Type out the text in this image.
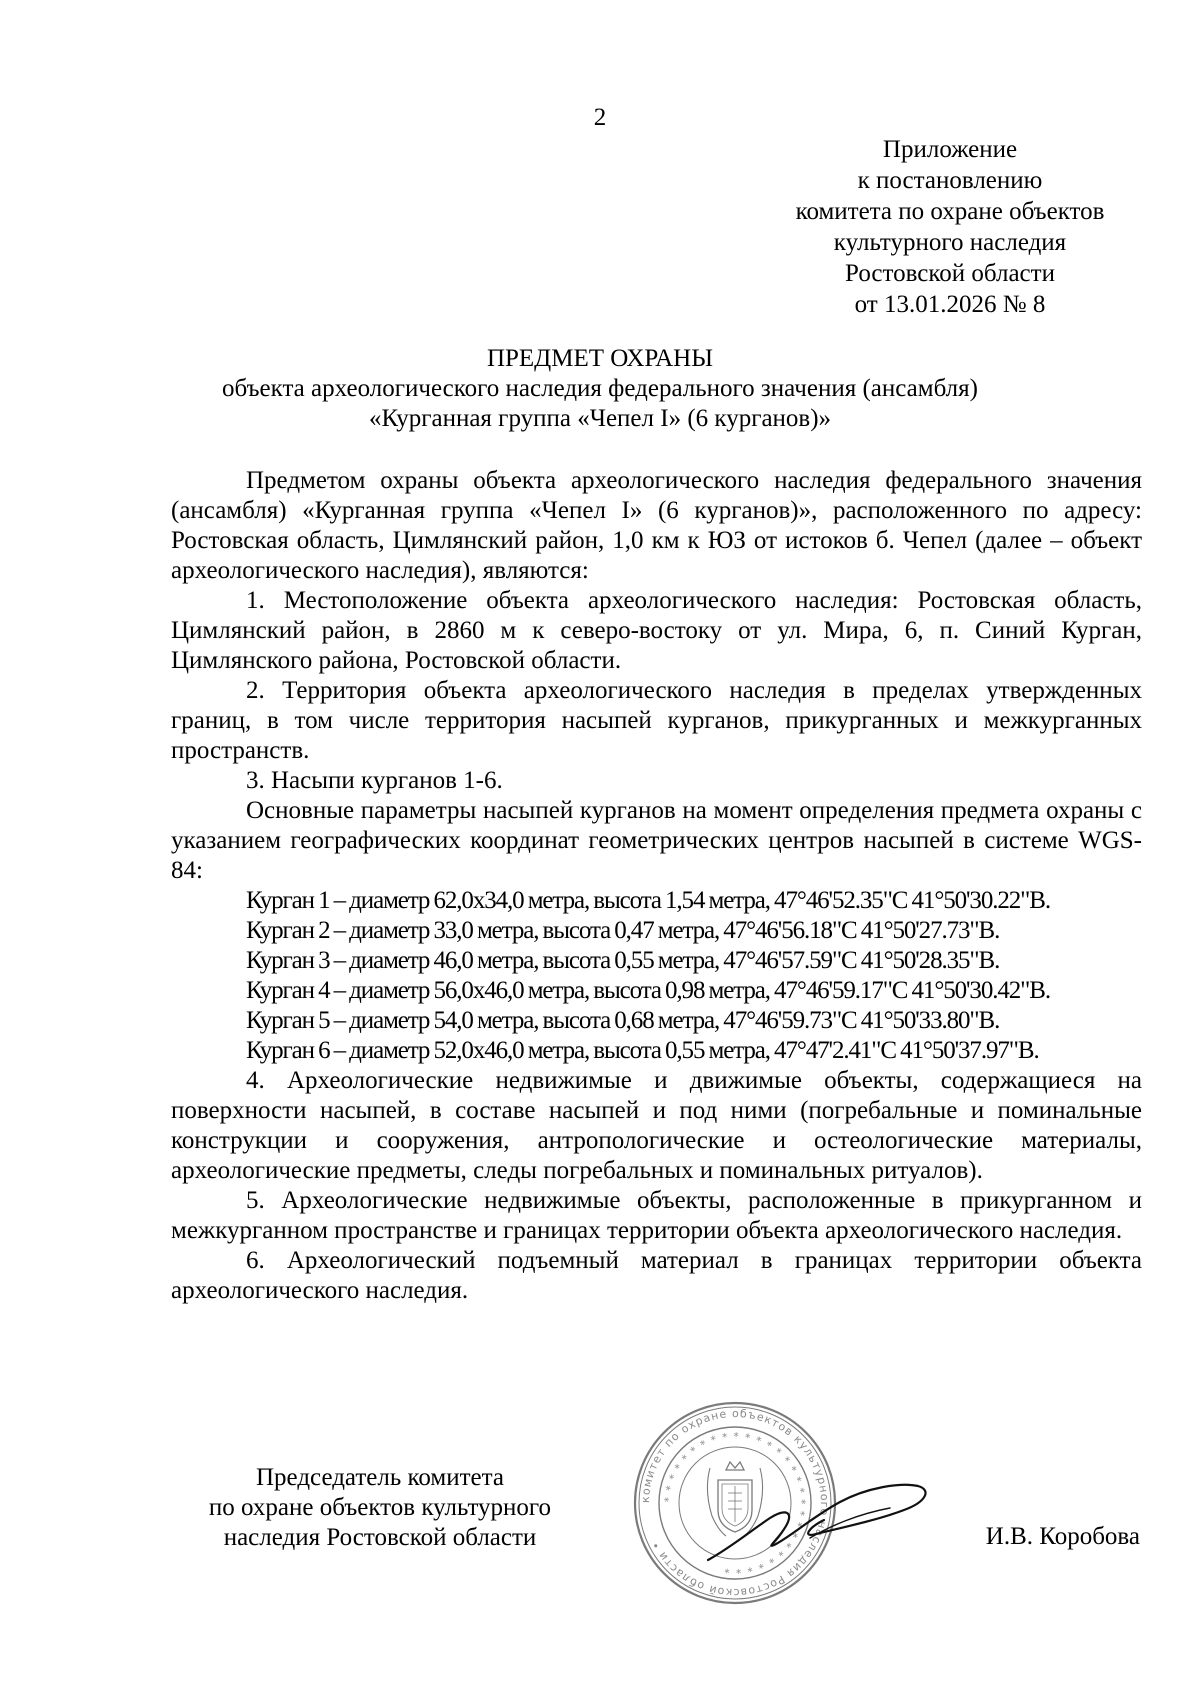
2
Приложение
к постановлению
комитета по охране объектов
культурного наследия
Ростовской области
от 13.01.2026 № 8
ПРЕДМЕТ ОХРАНЫ
объекта археологического наследия федерального значения (ансамбля)
«Курганная группа «Чепел I» (6 курганов)»

Предметом охраны объекта археологического наследия федерального значения (ансамбля) «Курганная группа «Чепел I» (6 курганов)», расположенного по адресу: Ростовская область, Цимлянский район, 1,0 км к ЮЗ от истоков б. Чепел (далее – объект археологического наследия), являются:

1. Местоположение объекта археологического наследия: Ростовская область, Цимлянский район, в 2860 м к северо-востоку от ул. Мира, 6, п. Синий Курган, Цимлянского района, Ростовской области.

2. Территория объекта археологического наследия в пределах утвержденных границ, в том числе территория насыпей курганов, прикурганных и межкурганных пространств.

3. Насыпи курганов 1-6.

Основные параметры насыпей курганов на момент определения предмета охраны с указанием географических координат геометрических центров насыпей в системе WGS-84:

Курган 1 – диаметр 62,0х34,0 метра, высота 1,54 метра, 47°46'52.35"С 41°50'30.22"В.

Курган 2 – диаметр 33,0 метра, высота 0,47 метра, 47°46'56.18"С 41°50'27.73"В.

Курган 3 – диаметр 46,0 метра, высота 0,55 метра, 47°46'57.59"С 41°50'28.35"В.

Курган 4 – диаметр 56,0х46,0 метра, высота 0,98 метра, 47°46'59.17"С 41°50'30.42"В.

Курган 5 – диаметр 54,0 метра, высота 0,68 метра, 47°46'59.73"С 41°50'33.80"В.

Курган 6 – диаметр 52,0х46,0 метра, высота 0,55 метра, 47°47'2.41"С 41°50'37.97"В.

4. Археологические недвижимые и движимые объекты, содержащиеся на поверхности насыпей, в составе насыпей и под ними (погребальные и поминальные конструкции и сооружения, антропологические и остеологические материалы, археологические предметы, следы погребальных и поминальных ритуалов).

5. Археологические недвижимые объекты, расположенные в прикурганном и межкурганном пространстве и границах территории объекта археологического наследия.

6. Археологический подъемный материал в границах территории объекта археологического наследия.

Председатель комитета
по охране объектов культурного
наследия Ростовской области
комитет по охране объектов культурного наследия Ростовской области •
∗ ∗ ∗ ∗ ∗ ∗ ∗ ∗ ∗ ∗ ∗ ∗ ∗ ∗ ∗ ∗ ∗ ∗ ∗ ∗ ∗ ∗ ∗ ∗ ∗ ∗ ∗ ∗ ∗
И.В. Коробова
